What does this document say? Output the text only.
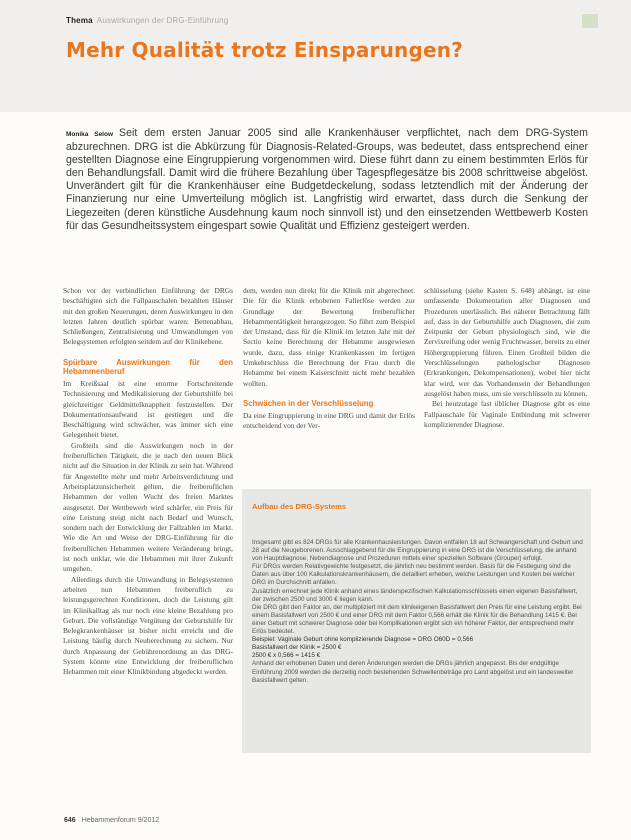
Thema Auswirkungen der DRG-Einführung
Mehr Qualität trotz Einsparungen?
Monika Selow Seit dem ersten Januar 2005 sind alle Krankenhäuser verpflichtet, nach dem DRG-System abzurechnen. DRG ist die Abkürzung für Diagnosis-Related-Groups, was bedeutet, dass entsprechend einer gestellten Diagnose eine Eingruppierung vorgenommen wird. Diese führt dann zu einem bestimmten Erlös für den Behandlungsfall. Damit wird die frühere Bezahlung über Tagespflegesätze bis 2008 schrittweise abgelöst. Unverändert gilt für die Krankenhäuser eine Budgetdeckelung, sodass letztendlich mit der Änderung der Finanzierung nur eine Umverteilung möglich ist. Langfristig wird erwartet, dass durch die Senkung der Liegezeiten (deren künstliche Ausdehnung kaum noch sinnvoll ist) und den einsetzenden Wettbewerb Kosten für das Gesundheitssystem eingespart sowie Qualität und Effizienz gesteigert werden.

Schon vor der verbindlichen Einführung der DRGs beschäftigten sich die Fallpauschalen bezahlten Häuser mit den großen Neuerungen, deren Auswirkungen in den letzten Jahren deutlich spürbar waren: Bettenabbau, Schließungen, Zentralisierung und Umwandlungen von Belegsystemen erfolgten seitdem auf der Klinikebene.

Spürbare Auswirkungen für den Hebammenberuf

Im Kreißsaal ist eine enorme Fortschreitende Technisierung und Medikalisierung der Geburtshilfe bei gleichzeitiger Geldmittelknappheit festzustellen. Der Dokumentationsaufwand ist gestiegen und die Beschäftigung wird schwächer, was immer sich eine Gelegenheit bietet.

Großteils sind die Auswirkungen noch in der freiberuflichen Tätigkeit, die je nach den neuen Blick nicht auf die Situation in der Klinik zu sein hat. Während für Angestellte mehr und mehr Arbeitsverdichtung und Arbeitsplatzunsicherheit gelten, die freiberuflichen Hebammen der vollen Wucht des freien Marktes ausgesetzt. Der Wettbewerb wird schärfer, ein Preis für eine Leistung steigt nicht nach Bedarf und Wunsch, sondern nach der Entwicklung der Fallzahlen im Markt. Wie die Art und Weise der DRG-Einführung für die freiberuflichen Hebammen weitere Veränderung bringt, ist noch unklar, wie die Hebammen mit ihrer Zukunft umgehen.

Allerdings durch die Umwandlung in Belegsystemen arbeiten nun Hebammen freiberuflich zu leistungsgerechten Konditionen, doch die Leistung gilt im Klinikalltag als nur noch eine kleine Bezahlung pro Geburt. Die vollständige Vergütung der Geburtshilfe für Belegkrankenhäuser ist bisher nicht erreicht und die Leistung häufig durch Neuberechnung zu sichern. Nur durch Anpassung der Gebührenordnung an das DRG-System könnte eine Entwicklung der freiberuflichen Hebammen mit einer Klinikbindung abgedeckt werden.

dem, werden nun direkt für die Klinik mit abgerechnet. Die für die Klinik erhobenen Fallerlöse werden zur Grundlage der Bewertung freiberuflicher Hebammentätigkeit herangezogen. So führt zum Beispiel der Umstand, dass für die Klinik im letzten Jahr mit der Sectio keine Berechnung der Hebamme ausgewiesen wurde, dazu, dass einige Krankenkassen im fertigen Umkehrschluss die Berechnung der Frau durch die Hebamme bei einem Kaiserschnitt nicht mehr bezahlen wollten.

Schwächen in der Verschlüsselung

Da eine Eingruppierung in eine DRG und damit der Erlös entscheidend von der Ver-

schlüsselung (siehe Kasten S. 648) abhängt, ist eine umfassende Dokumentation aller Diagnosen und Prozeduren unerlässlich. Bei näherer Betrachtung fällt auf, dass in der Geburtshilfe auch Diagnosen, die zum Zeitpunkt der Geburt physiologisch sind, wie die Zervixreifung oder wenig Fruchtwasser, bereits zu einer Höhergruppierung führen. Einen Großteil bilden die Verschlüsselungen pathologischer Diagnosen (Erkrankungen, Dekompensationen), wobei hier nicht klar wird, wer das Vorhandensein der Behandlungen ausgelöst haben muss, um sie verschlüsseln zu können.

Bei heutzutage fast üblicher Diagnose gibt es eine Fallpauschale für Vaginale Entbindung mit schwerer komplizierender Diagnose.

Aufbau des DRG-Systems

Insgesamt gibt es 824 DRGs für alle Krankenhausleistungen. Davon entfallen 18 auf Schwangerschaft und Geburt und 28 auf die Neugeborenen. Ausschlaggebend für die Eingruppierung in eine DRG ist die Verschlüsselung, die anhand von Hauptdiagnose, Nebendiagnose und Prozeduren mittels einer speziellen Software (Grouper) erfolgt.

Für DRGs werden Relativgewichte festgesetzt, die jährlich neu bestimmt werden. Basis für die Festlegung sind die Daten aus über 100 Kalkulationskrankenhäusern, die detailliert erheben, welche Leistungen und Kosten bei welcher DRG im Durchschnitt anfallen.

Zusätzlich errechnet jede Klinik anhand eines länderspezifischen Kalkulationsschlüssels einen eigenen Basisfallwert, der zwischen 2500 und 3000 € liegen kann.

Die DRG gibt den Faktor an, der multipliziert mit dem klinikeigenen Basisfallwert den Preis für eine Leistung ergibt. Bei einem Basisfallwert von 2500 € und einer DRG mit dem Faktor 0,566 erhält die Klinik für die Behandlung 1415 €. Bei einer Geburt mit schwerer Diagnose oder bei Komplikationen ergibt sich ein höherer Faktor, der entsprechend mehr Erlös bedeutet.

Beispiel: Vaginale Geburt ohne komplizierende Diagnose = DRG O60D = 0,566

Basisfallwert der Klinik = 2500 €

2500 € x 0,566 = 1415 €

Anhand der erhobenen Daten und deren Änderungen werden die DRGs jährlich angepasst. Bis der endgültige Einführung 2009 werden die derzeitig noch bestehenden Schwellenbeträge pro Land abgelöst und ein landesweiter Basisfallwert gelten.

646 Hebammenforum 9/2012
